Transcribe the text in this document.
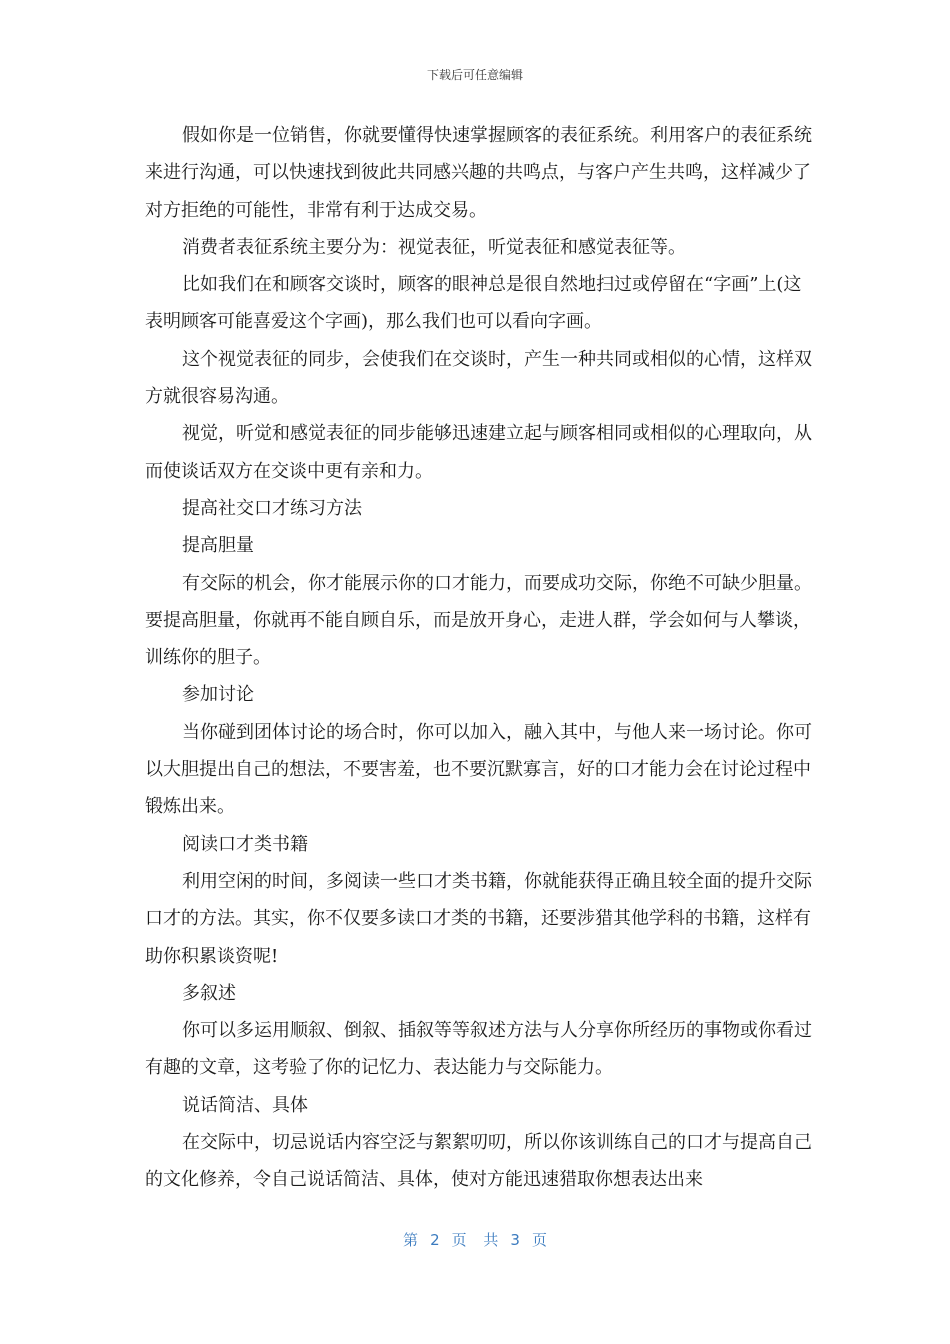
下载后可任意编辑

假如你是一位销售，你就要懂得快速掌握顾客的表征系统。利用客户的表征系统来进行沟通，可以快速找到彼此共同感兴趣的共鸣点，与客户产生共鸣，这样减少了对方拒绝的可能性，非常有利于达成交易。

消费者表征系统主要分为：视觉表征，听觉表征和感觉表征等。

比如我们在和顾客交谈时，顾客的眼神总是很自然地扫过或停留在“字画”上(这表明顾客可能喜爱这个字画)，那么我们也可以看向字画。

这个视觉表征的同步，会使我们在交谈时，产生一种共同或相似的心情，这样双方就很容易沟通。

视觉，听觉和感觉表征的同步能够迅速建立起与顾客相同或相似的心理取向，从而使谈话双方在交谈中更有亲和力。

提高社交口才练习方法

提高胆量

有交际的机会，你才能展示你的口才能力，而要成功交际，你绝不可缺少胆量。要提高胆量，你就再不能自顾自乐，而是放开身心，走进人群，学会如何与人攀谈，训练你的胆子。

参加讨论

当你碰到团体讨论的场合时，你可以加入，融入其中，与他人来一场讨论。你可以大胆提出自己的想法，不要害羞，也不要沉默寡言，好的口才能力会在讨论过程中锻炼出来。

阅读口才类书籍

利用空闲的时间，多阅读一些口才类书籍，你就能获得正确且较全面的提升交际口才的方法。其实，你不仅要多读口才类的书籍，还要涉猎其他学科的书籍，这样有助你积累谈资呢!

多叙述

你可以多运用顺叙、倒叙、插叙等等叙述方法与人分享你所经历的事物或你看过有趣的文章，这考验了你的记忆力、表达能力与交际能力。

说话简洁、具体

在交际中，切忌说话内容空泛与絮絮叨叨，所以你该训练自己的口才与提高自己的文化修养，令自己说话简洁、具体，使对方能迅速猎取你想表达出来

第 2 页 共 3 页
